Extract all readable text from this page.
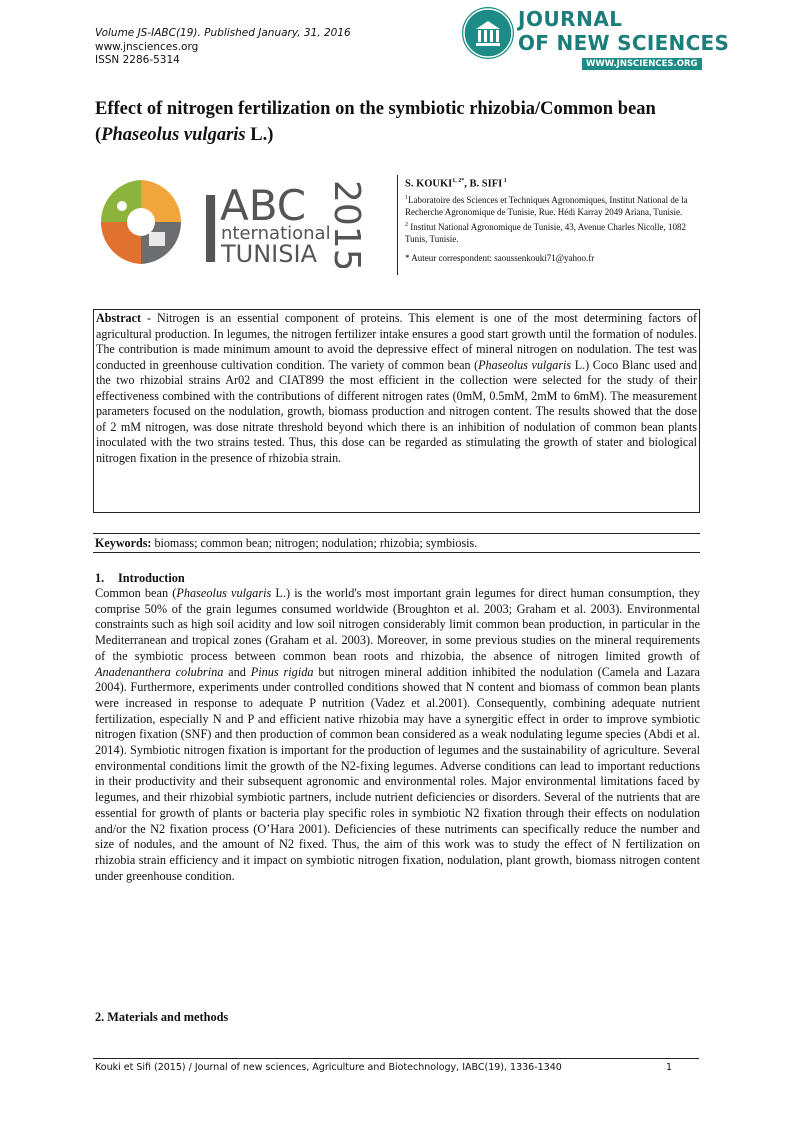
Volume JS-IABC(19). Published January, 31, 2016
www.jnsciences.org
ISSN 2286-5314
JOURNAL
OF NEW SCIENCES
WWW.JNSCIENCES.ORG
Effect of nitrogen fertilization on the symbiotic rhizobia/Common bean (Phaseolus vulgaris L.)
I
ABC
nternational
TUNISIA 2015	S. $KOUKI^{1, 2*}$, B. SIFI $^1$
$^1$Laboratoire des Sciences et Techniques Agronomiques, Institut National de la Recherche Agronomique de Tunisie, Rue. Hédi Karray 2049 Ariana, Tunisie.
$^2$ Institut National Agronomique de Tunisie, 43, Avenue Charles Nicolle, 1082 Tunis, Tunisie.
* Auteur correspondent: saoussenkouki71@yahoo.fr
Abstract - Nitrogen is an essential component of proteins. This element is one of the most determining factors of agricultural production. In legumes, the nitrogen fertilizer intake ensures a good start growth until the formation of nodules. The contribution is made minimum amount to avoid the depressive effect of mineral nitrogen on nodulation. The test was conducted in greenhouse cultivation condition. The variety of common bean (Phaseolus vulgaris L.) Coco Blanc used and the two rhizobial strains Ar02 and CIAT899 the most efficient in the collection were selected for the study of their effectiveness combined with the contributions of different nitrogen rates (0mM, 0.5mM, 2mM to 6mM). The measurement parameters focused on the nodulation, growth, biomass production and nitrogen content. The results showed that the dose of 2 mM nitrogen, was dose nitrate threshold beyond which there is an inhibition of nodulation of common bean plants inoculated with the two strains tested. Thus, this dose can be regarded as stimulating the growth of stater and biological nitrogen fixation in the presence of rhizobia strain.
Keywords: biomass; common bean; nitrogen; nodulation; rhizobia; symbiosis.
1. Introduction
Common bean (Phaseolus vulgaris L.) is the world's most important grain legumes for direct human consumption, they comprise 50% of the grain legumes consumed worldwide (Broughton et al. 2003; Graham et al. 2003). Environmental constraints such as high soil acidity and low soil nitrogen considerably limit common bean production, in particular in the Mediterranean and tropical zones (Graham et al. 2003). Moreover, in some previous studies on the mineral requirements of the symbiotic process between common bean roots and rhizobia, the absence of nitrogen limited growth of Anadenanthera colubrina and Pinus rigida but nitrogen mineral addition inhibited the nodulation (Camela and Lazara 2004). Furthermore, experiments under controlled conditions showed that N content and biomass of common bean plants were increased in response to adequate P nutrition (Vadez et al.2001). Consequently, combining adequate nutrient fertilization, especially N and P and efficient native rhizobia may have a synergitic effect in order to improve symbiotic nitrogen fixation (SNF) and then production of common bean considered as a weak nodulating legume species (Abdi et al. 2014). Symbiotic nitrogen fixation is important for the production of legumes and the sustainability of agriculture. Several environmental conditions limit the growth of the N2-fixing legumes. Adverse conditions can lead to important reductions in their productivity and their subsequent agronomic and environmental roles. Major environmental limitations faced by legumes, and their rhizobial symbiotic partners, include nutrient deficiencies or disorders. Several of the nutrients that are essential for growth of plants or bacteria play specific roles in symbiotic N2 fixation through their effects on nodulation and/or the N2 fixation process (O’Hara 2001). Deficiencies of these nutriments can specifically reduce the number and size of nodules, and the amount of N2 fixed. Thus, the aim of this work was to study the effect of N fertilization on rhizobia strain efficiency and it impact on symbiotic nitrogen fixation, nodulation, plant growth, biomass nitrogen content under greenhouse condition.
2. Materials and methods
Kouki et Sifi (2015) / Journal of new sciences, Agriculture and Biotechnology, IABC(19), 1336-1340	1
